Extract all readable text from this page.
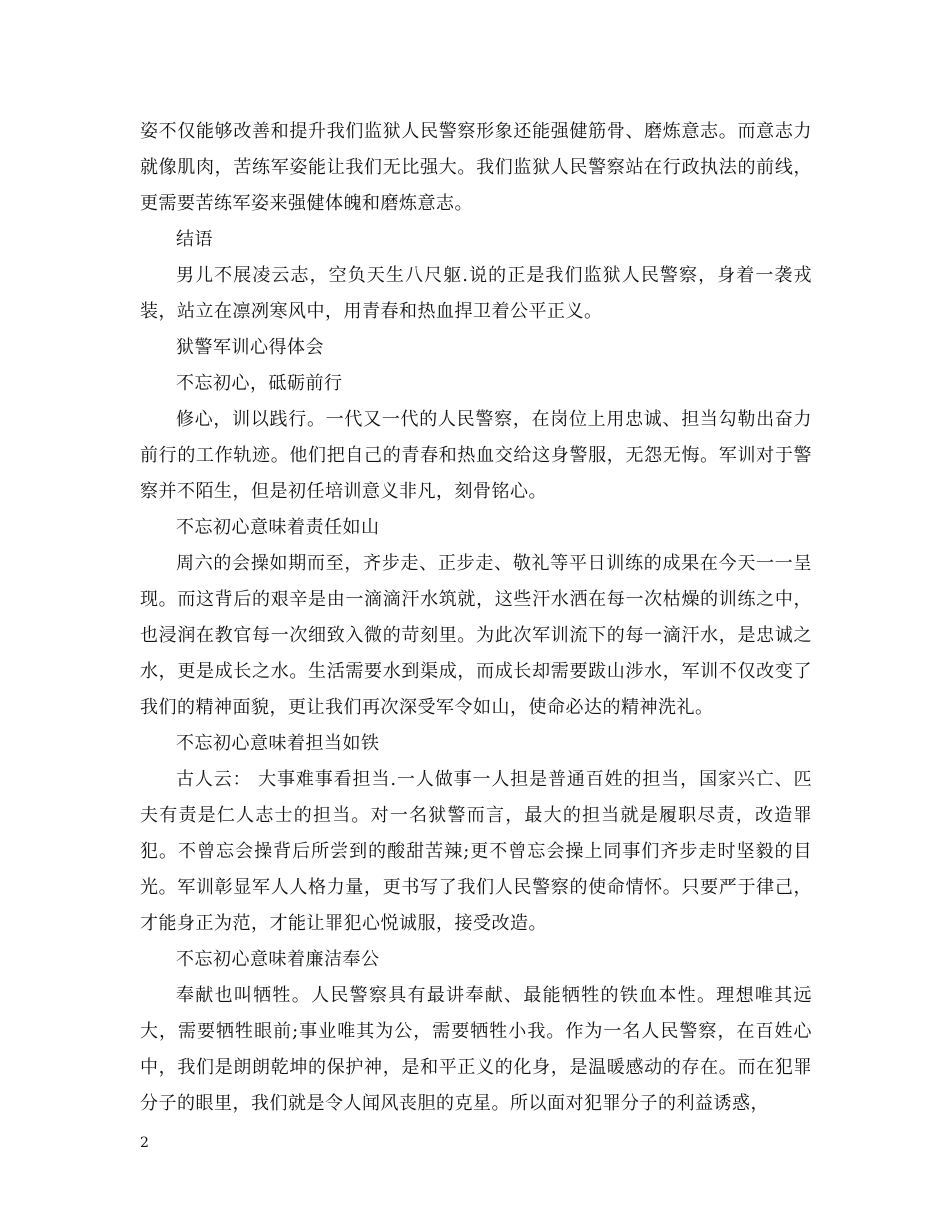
姿不仅能够改善和提升我们监狱人民警察形象还能强健筋骨、磨炼意志。而意志力就像肌肉，苦练军姿能让我们无比强大。我们监狱人民警察站在行政执法的前线，更需要苦练军姿来强健体魄和磨炼意志。

结语

男儿不展凌云志，空负天生八尺躯.说的正是我们监狱人民警察，身着一袭戎装，站立在凛冽寒风中，用青春和热血捍卫着公平正义。

狱警军训心得体会

不忘初心，砥砺前行

修心，训以践行。一代又一代的人民警察，在岗位上用忠诚、担当勾勒出奋力前行的工作轨迹。他们把自己的青春和热血交给这身警服，无怨无悔。军训对于警察并不陌生，但是初任培训意义非凡，刻骨铭心。

不忘初心意味着责任如山

周六的会操如期而至，齐步走、正步走、敬礼等平日训练的成果在今天一一呈现。而这背后的艰辛是由一滴滴汗水筑就，这些汗水洒在每一次枯燥的训练之中，也浸润在教官每一次细致入微的苛刻里。为此次军训流下的每一滴汗水，是忠诚之水，更是成长之水。生活需要水到渠成，而成长却需要跋山涉水，军训不仅改变了我们的精神面貌，更让我们再次深受军令如山，使命必达的精神洗礼。

不忘初心意味着担当如铁

古人云： 大事难事看担当.一人做事一人担是普通百姓的担当，国家兴亡、匹夫有责是仁人志士的担当。对一名狱警而言，最大的担当就是履职尽责，改造罪犯。不曾忘会操背后所尝到的酸甜苦辣;更不曾忘会操上同事们齐步走时坚毅的目光。军训彰显军人人格力量，更书写了我们人民警察的使命情怀。只要严于律己，才能身正为范，才能让罪犯心悦诚服，接受改造。

不忘初心意味着廉洁奉公

奉献也叫牺牲。人民警察具有最讲奉献、最能牺牲的铁血本性。理想唯其远大，需要牺牲眼前;事业唯其为公，需要牺牲小我。作为一名人民警察，在百姓心中，我们是朗朗乾坤的保护神，是和平正义的化身，是温暖感动的存在。而在犯罪分子的眼里，我们就是令人闻风丧胆的克星。所以面对犯罪分子的利益诱惑，

2
